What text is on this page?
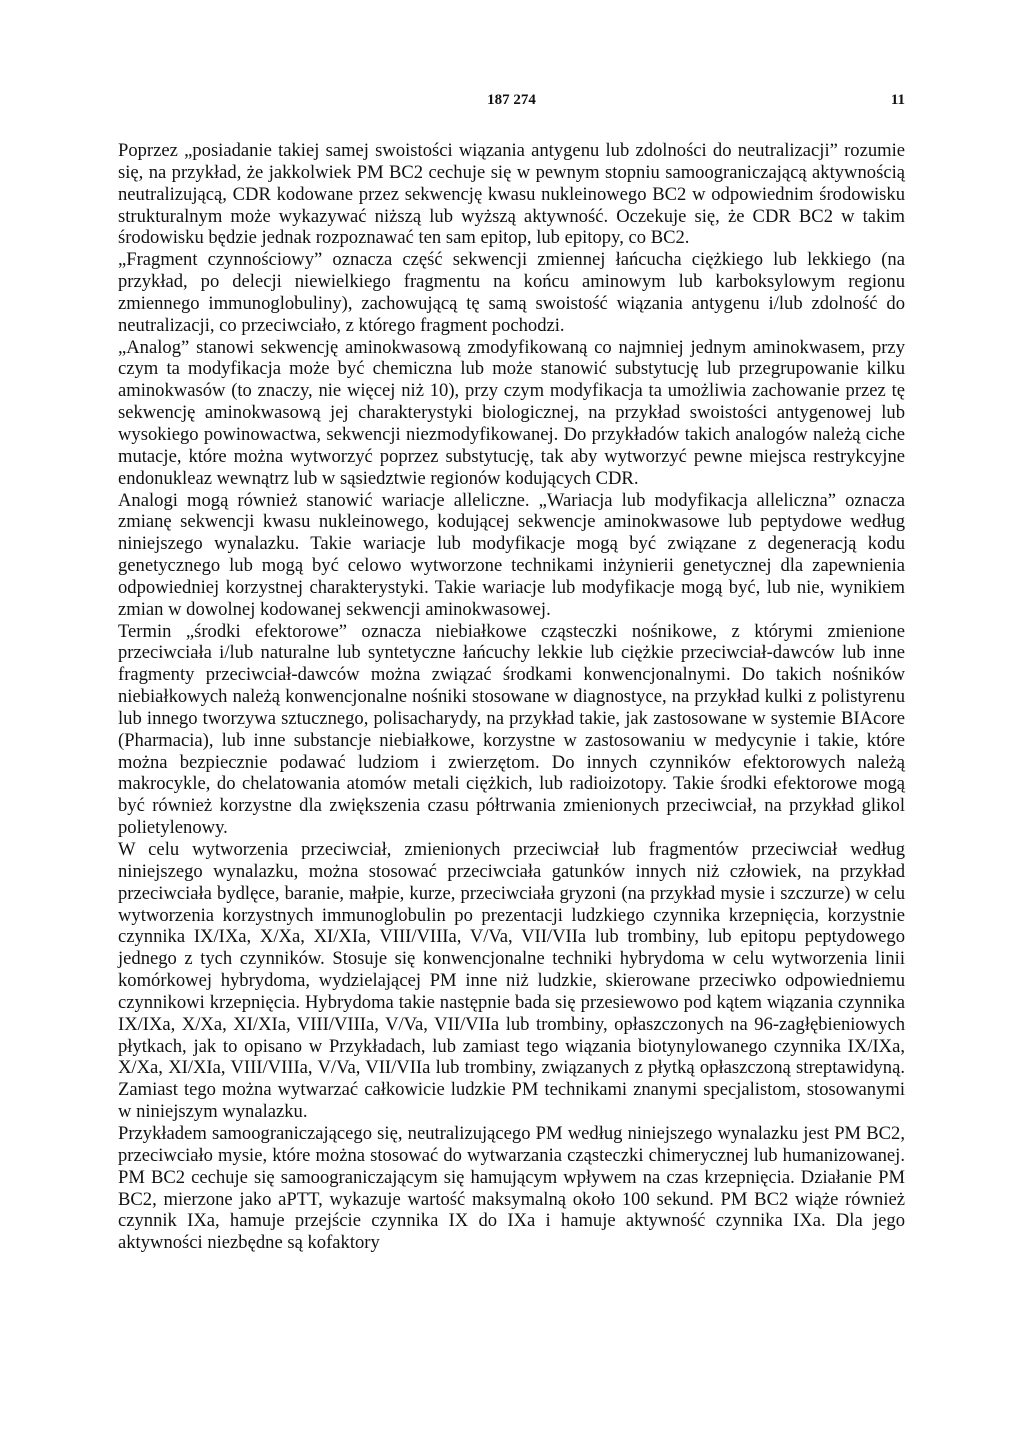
187 274	11

Poprzez „posiadanie takiej samej swoistości wiązania antygenu lub zdolności do neutralizacji” rozumie się, na przykład, że jakkolwiek PM BC2 cechuje się w pewnym stopniu samoograniczającą aktywnością neutralizującą, CDR kodowane przez sekwencję kwasu nukleinowego BC2 w odpowiednim środowisku strukturalnym może wykazywać niższą lub wyższą aktywność. Oczekuje się, że CDR BC2 w takim środowisku będzie jednak rozpoznawać ten sam epitop, lub epitopy, co BC2.

„Fragment czynnościowy” oznacza część sekwencji zmiennej łańcucha ciężkiego lub lekkiego (na przykład, po delecji niewielkiego fragmentu na końcu aminowym lub karboksylowym regionu zmiennego immunoglobuliny), zachowującą tę samą swoistość wiązania antygenu i/lub zdolność do neutralizacji, co przeciwciało, z którego fragment pochodzi.

„Analog” stanowi sekwencję aminokwasową zmodyfikowaną co najmniej jednym aminokwasem, przy czym ta modyfikacja może być chemiczna lub może stanowić substytucję lub przegrupowanie kilku aminokwasów (to znaczy, nie więcej niż 10), przy czym modyfikacja ta umożliwia zachowanie przez tę sekwencję aminokwasową jej charakterystyki biologicznej, na przykład swoistości antygenowej lub wysokiego powinowactwa, sekwencji niezmodyfikowanej. Do przykładów takich analogów należą ciche mutacje, które można wytworzyć poprzez substytucję, tak aby wytworzyć pewne miejsca restrykcyjne endonukleaz wewnątrz lub w sąsiedztwie regionów kodujących CDR.

Analogi mogą również stanowić wariacje alleliczne. „Wariacja lub modyfikacja alleliczna” oznacza zmianę sekwencji kwasu nukleinowego, kodującej sekwencje aminokwasowe lub peptydowe według niniejszego wynalazku. Takie wariacje lub modyfikacje mogą być związane z degeneracją kodu genetycznego lub mogą być celowo wytworzone technikami inżynierii genetycznej dla zapewnienia odpowiedniej korzystnej charakterystyki. Takie wariacje lub modyfikacje mogą być, lub nie, wynikiem zmian w dowolnej kodowanej sekwencji aminokwasowej.

Termin „środki efektorowe” oznacza niebiałkowe cząsteczki nośnikowe, z którymi zmienione przeciwciała i/lub naturalne lub syntetyczne łańcuchy lekkie lub ciężkie przeciwciał-dawców lub inne fragmenty przeciwciał-dawców można związać środkami konwencjonalnymi. Do takich nośników niebiałkowych należą konwencjonalne nośniki stosowane w diagnostyce, na przykład kulki z polistyrenu lub innego tworzywa sztucznego, polisacharydy, na przykład takie, jak zastosowane w systemie BIAcore (Pharmacia), lub inne substancje niebiałkowe, korzystne w zastosowaniu w medycynie i takie, które można bezpiecznie podawać ludziom i zwierzętom. Do innych czynników efektorowych należą makrocykle, do chelatowania atomów metali ciężkich, lub radioizotopy. Takie środki efektorowe mogą być również korzystne dla zwiększenia czasu półtrwania zmienionych przeciwciał, na przykład glikol polietylenowy.

W celu wytworzenia przeciwciał, zmienionych przeciwciał lub fragmentów przeciwciał według niniejszego wynalazku, można stosować przeciwciała gatunków innych niż człowiek, na przykład przeciwciała bydlęce, baranie, małpie, kurze, przeciwciała gryzoni (na przykład mysie i szczurze) w celu wytworzenia korzystnych immunoglobulin po prezentacji ludzkiego czynnika krzepnięcia, korzystnie czynnika IX/IXa, X/Xa, XI/XIa, VIII/VIIIa, V/Va, VII/VIIa lub trombiny, lub epitopu peptydowego jednego z tych czynników. Stosuje się konwencjonalne techniki hybrydoma w celu wytworzenia linii komórkowej hybrydoma, wydzielającej PM inne niż ludzkie, skierowane przeciwko odpowiedniemu czynnikowi krzepnięcia. Hybrydoma takie następnie bada się przesiewowo pod kątem wiązania czynnika IX/IXa, X/Xa, XI/XIa, VIII/VIIIa, V/Va, VII/VIIa lub trombiny, opłaszczonych na 96-zagłębieniowych płytkach, jak to opisano w Przykładach, lub zamiast tego wiązania biotynylowanego czynnika IX/IXa, X/Xa, XI/XIa, VIII/VIIIa, V/Va, VII/VIIa lub trombiny, związanych z płytką opłaszczoną streptawidyną. Zamiast tego można wytwarzać całkowicie ludzkie PM technikami znanymi specjalistom, stosowanymi w niniejszym wynalazku.

Przykładem samoograniczającego się, neutralizującego PM według niniejszego wynalazku jest PM BC2, przeciwciało mysie, które można stosować do wytwarzania cząsteczki chimerycznej lub humanizowanej. PM BC2 cechuje się samoograniczającym się hamującym wpływem na czas krzepnięcia. Działanie PM BC2, mierzone jako aPTT, wykazuje wartość maksymalną około 100 sekund. PM BC2 wiąże również czynnik IXa, hamuje przejście czynnika IX do IXa i hamuje aktywność czynnika IXa. Dla jego aktywności niezbędne są kofaktory
